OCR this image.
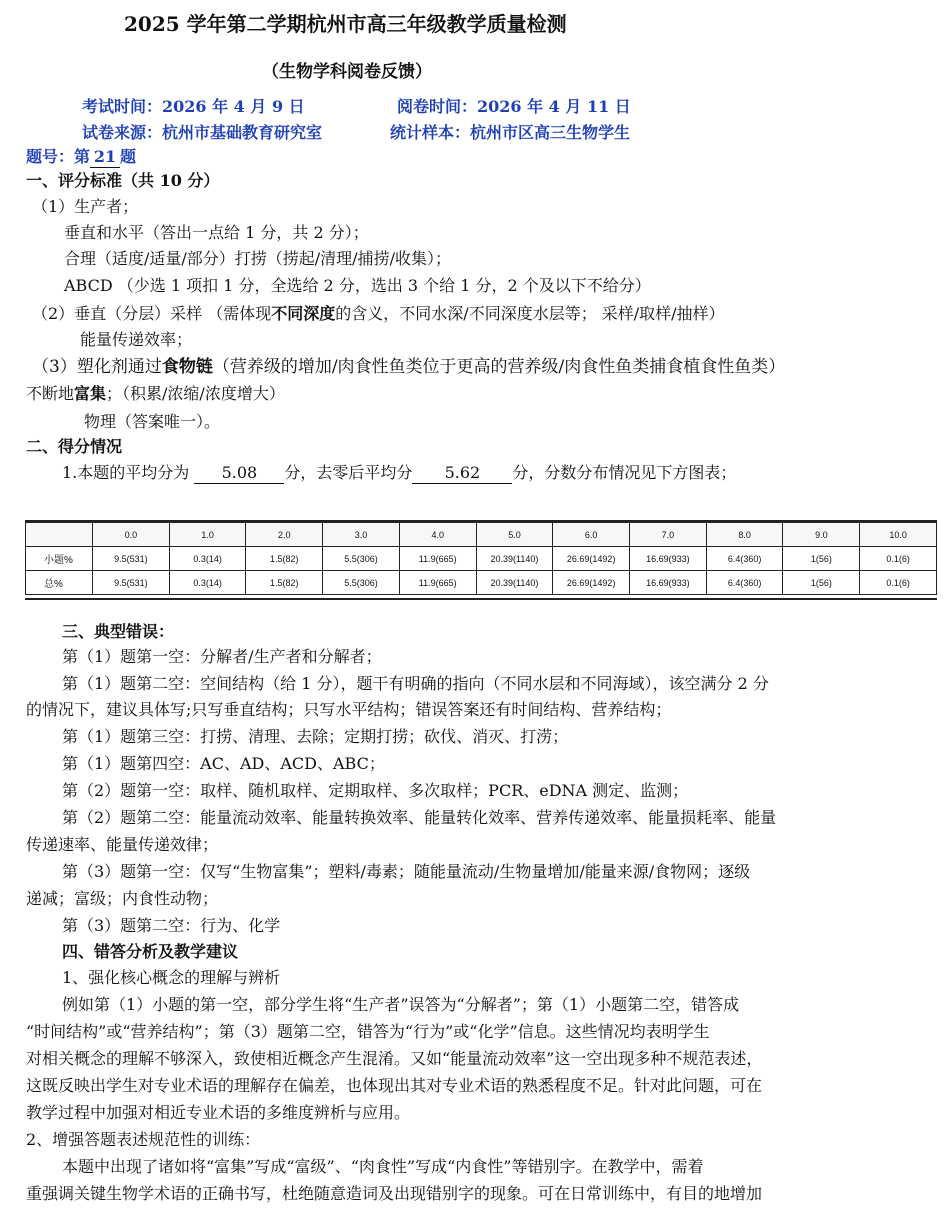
2025 学年第二学期杭州市高三年级教学质量检测
（生物学科阅卷反馈）
考试时间：2026 年 4 月 9 日	阅卷时间：2026 年 4 月 11 日
试卷来源：杭州市基础教育研究室	统计样本：杭州市区高三生物学生
题号：第 21 题
一、评分标准（共 10 分）
（1）生产者；
垂直和水平（答出一点给 1 分，共 2 分）；
合理（适度/适量/部分）打捞（捞起/清理/捕捞/收集）；
ABCD （少选 1 项扣 1 分，全选给 2 分，选出 3 个给 1 分，2 个及以下不给分）
（2）垂直（分层）采样 （需体现不同深度的含义，不同水深/不同深度水层等； 采样/取样/抽样）
能量传递效率；
（3）塑化剂通过食物链（营养级的增加/肉食性鱼类位于更高的营养级/肉食性鱼类捕食植食性鱼类）
不断地富集；（积累/浓缩/浓度增大）
物理（答案唯一）。
二、得分情况
1.本题的平均分为 5.08 分，去零后平均分 5.62 分，分数分布情况见下方图表；
	0.0	1.0	2.0	3.0	4.0	5.0	6.0	7.0	8.0	9.0	10.0
小题%	9.5(531)	0.3(14)	1.5(82)	5.5(306)	11.9(665)	20.39(1140)	26.69(1492)	16.69(933)	6.4(360)	1(56)	0.1(6)
总%	9.5(531)	0.3(14)	1.5(82)	5.5(306)	11.9(665)	20.39(1140)	26.69(1492)	16.69(933)	6.4(360)	1(56)	0.1(6)
三、典型错误：
第（1）题第一空：分解者/生产者和分解者；
第（1）题第二空：空间结构（给 1 分），题干有明确的指向（不同水层和不同海域），该空满分 2 分
的情况下，建议具体写;只写垂直结构；只写水平结构；错误答案还有时间结构、营养结构；
第（1）题第三空：打捞、清理、去除；定期打捞；砍伐、消灭、打涝；
第（1）题第四空：AC、AD、ACD、ABC；
第（2）题第一空：取样、随机取样、定期取样、多次取样；PCR、eDNA 测定、监测；
第（2）题第二空：能量流动效率、能量转换效率、能量转化效率、营养传递效率、能量损耗率、能量
传递速率、能量传递效律；
第（3）题第一空：仅写“生物富集”；塑料/毒素；随能量流动/生物量增加/能量来源/食物网；逐级
递减；富级；内食性动物；
第（3）题第二空：行为、化学
四、错答分析及教学建议
1、强化核心概念的理解与辨析
例如第（1）小题的第一空，部分学生将“生产者”误答为“分解者”；第（1）小题第二空，错答成
“时间结构”或“营养结构”；第（3）题第二空，错答为“行为”或“化学”信息。这些情况均表明学生
对相关概念的理解不够深入，致使相近概念产生混淆。又如“能量流动效率”这一空出现多种不规范表述，
这既反映出学生对专业术语的理解存在偏差，也体现出其对专业术语的熟悉程度不足。针对此问题，可在
教学过程中加强对相近专业术语的多维度辨析与应用。
2、增强答题表述规范性的训练：
本题中出现了诸如将“富集”写成“富级”、“肉食性”写成“内食性”等错别字。在教学中，需着
重强调关键生物学术语的正确书写，杜绝随意造词及出现错别字的现象。可在日常训练中，有目的地增加
